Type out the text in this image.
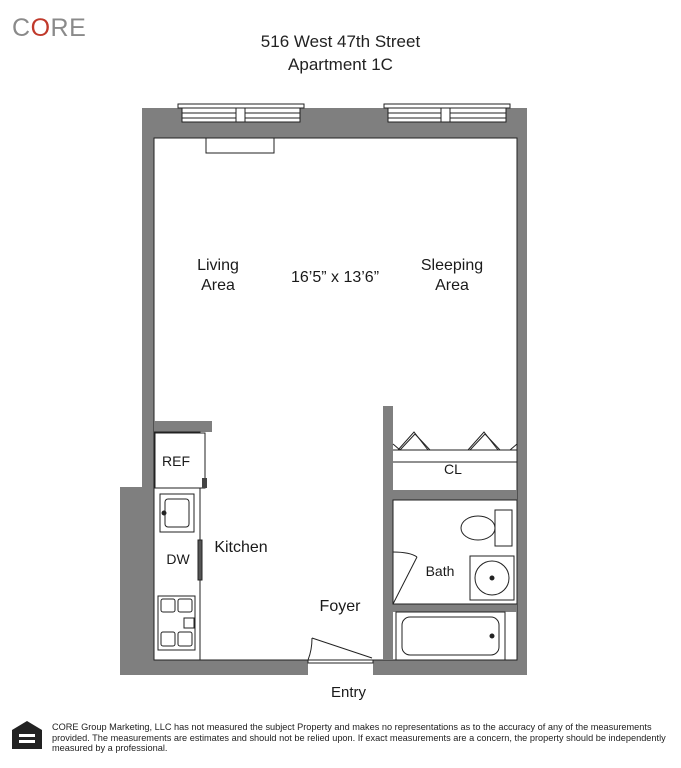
CORE	516 West 47th Street
Apartment 1C
Living
Area	16’5” x 13’6”
Sleeping
Area
CL
REF
DW
Kitchen
Bath
Foyer
Entry
CORE Group Marketing, LLC has not measured the subject Property and makes no representations as to the accuracy of any of the measurements provided. The measurements are estimates and should not be relied upon. If exact measurements are a concern, the property should be independently measured by a professional.
